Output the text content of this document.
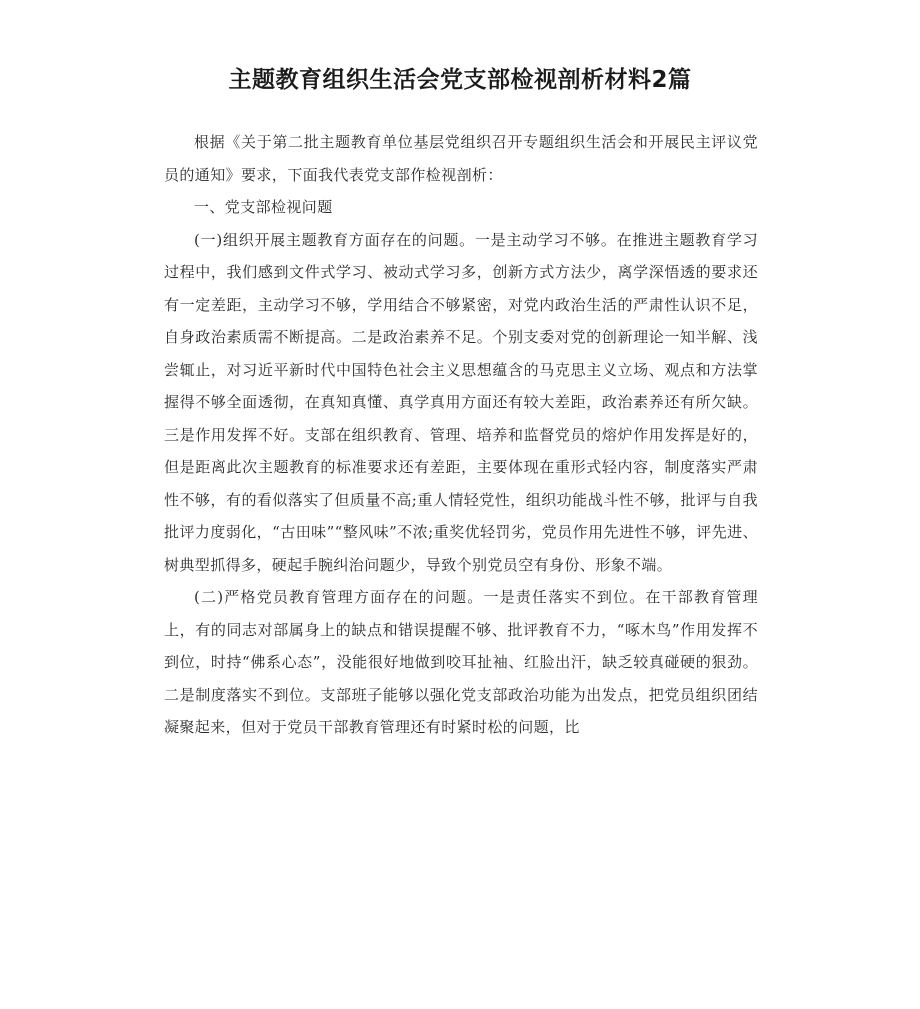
主题教育组织生活会党支部检视剖析材料2篇

根据《关于第二批主题教育单位基层党组织召开专题组织生活会和开展民主评议党员的通知》要求，下面我代表党支部作检视剖析：

一、党支部检视问题

(一)组织开展主题教育方面存在的问题。一是主动学习不够。在推进主题教育学习过程中，我们感到文件式学习、被动式学习多，创新方式方法少，离学深悟透的要求还有一定差距，主动学习不够，学用结合不够紧密，对党内政治生活的严肃性认识不足，自身政治素质需不断提高。二是政治素养不足。个别支委对党的创新理论一知半解、浅尝辄止，对习近平新时代中国特色社会主义思想蕴含的马克思主义立场、观点和方法掌握得不够全面透彻，在真知真懂、真学真用方面还有较大差距，政治素养还有所欠缺。三是作用发挥不好。支部在组织教育、管理、培养和监督党员的熔炉作用发挥是好的，但是距离此次主题教育的标准要求还有差距，主要体现在重形式轻内容，制度落实严肃性不够，有的看似落实了但质量不高;重人情轻党性，组织功能战斗性不够，批评与自我批评力度弱化，“古田味”“整风味”不浓;重奖优轻罚劣，党员作用先进性不够，评先进、树典型抓得多，硬起手腕纠治问题少，导致个别党员空有身份、形象不端。

(二)严格党员教育管理方面存在的问题。一是责任落实不到位。在干部教育管理上，有的同志对部属身上的缺点和错误提醒不够、批评教育不力，“啄木鸟”作用发挥不到位，时持“佛系心态”，没能很好地做到咬耳扯袖、红脸出汗，缺乏较真碰硬的狠劲。二是制度落实不到位。支部班子能够以强化党支部政治功能为出发点，把党员组织团结凝聚起来，但对于党员干部教育管理还有时紧时松的问题，比
